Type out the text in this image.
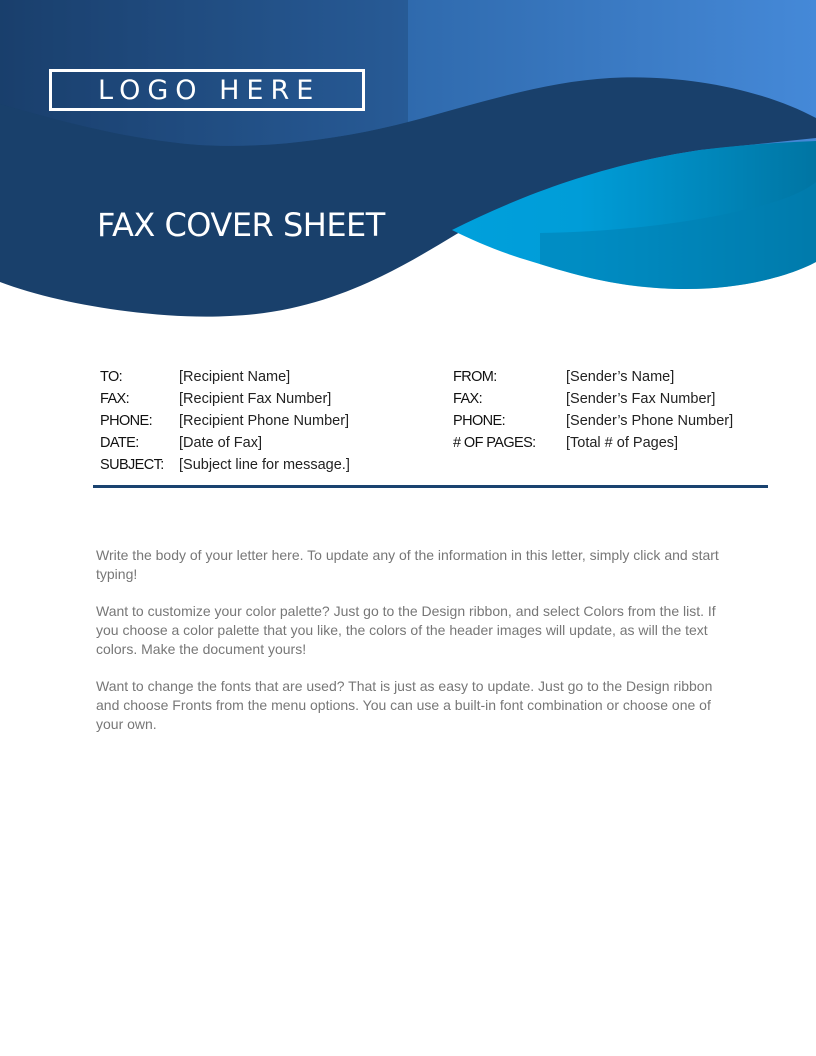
LOGO HERE
FAX COVER SHEET
TO:	[Recipient Name]
FAX:	[Recipient Fax Number]
PHONE: [Recipient Phone Number]
DATE:	[Date of Fax]
SUBJECT: [Subject line for message.]
FROM:	[Sender’s Name]
FAX:	[Sender’s Fax Number]
PHONE:	[Sender’s Phone Number]
# OF PAGES: [Total # of Pages]

Write the body of your letter here. To update any of the information in this letter, simply click and start typing!

Want to customize your color palette? Just go to the Design ribbon, and select Colors from the list. If you choose a color palette that you like, the colors of the header images will update, as will the text colors. Make the document yours!

Want to change the fonts that are used? That is just as easy to update. Just go to the Design ribbon and choose Fronts from the menu options. You can use a built-in font combination or choose one of your own.
